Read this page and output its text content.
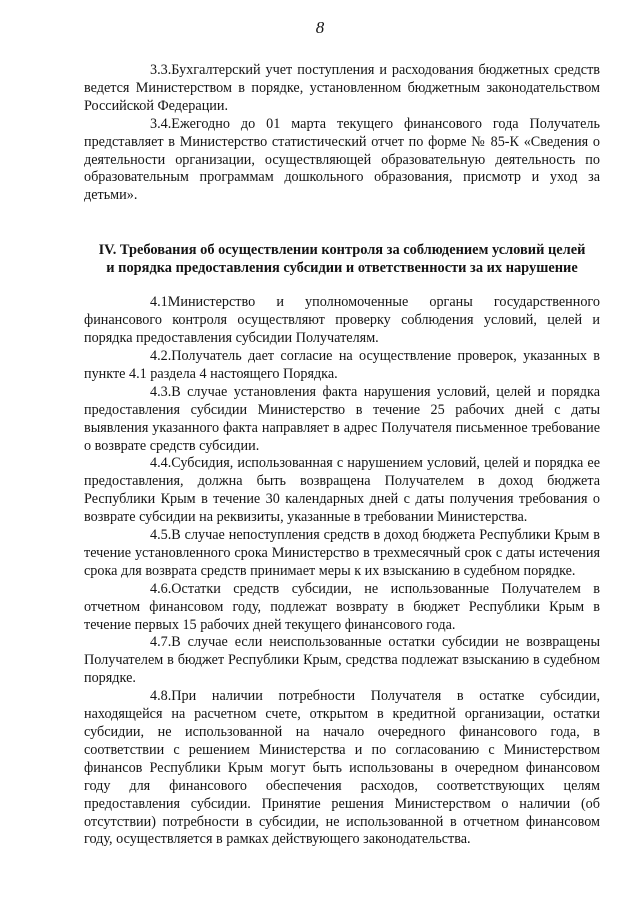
8

3.3.Бухгалтерский учет поступления и расходования бюджетных средств ведется Министерством в порядке, установленном бюджетным законодательством Российской Федерации.

3.4.Ежегодно до 01 марта текущего финансового года Получатель представляет в Министерство статистический отчет по форме № 85-К «Сведения о деятельности организации, осуществляющей образовательную деятельность по образовательным программам дошкольного образования, присмотр и уход за детьми».

IV. Требования об осуществлении контроля за соблюдением условий целей и порядка предоставления субсидии и ответственности за их нарушение

4.1Министерство и уполномоченные органы государственного финансового контроля осуществляют проверку соблюдения условий, целей и порядка предоставления субсидии Получателям.

4.2.Получатель дает согласие на осуществление проверок, указанных в пункте 4.1 раздела 4 настоящего Порядка.

4.3.В случае установления факта нарушения условий, целей и порядка предоставления субсидии Министерство в течение 25 рабочих дней с даты выявления указанного факта направляет в адрес Получателя письменное требование о возврате средств субсидии.

4.4.Субсидия, использованная с нарушением условий, целей и порядка ее предоставления, должна быть возвращена Получателем в доход бюджета Республики Крым в течение 30 календарных дней с даты получения требования о возврате субсидии на реквизиты, указанные в требовании Министерства.

4.5.В случае непоступления средств в доход бюджета Республики Крым в течение установленного срока Министерство в трехмесячный срок с даты истечения срока для возврата средств принимает меры к их взысканию в судебном порядке.

4.6.Остатки средств субсидии, не использованные Получателем в отчетном финансовом году, подлежат возврату в бюджет Республики Крым в течение первых 15 рабочих дней текущего финансового года.

4.7.В случае если неиспользованные остатки субсидии не возвращены Получателем в бюджет Республики Крым, средства подлежат взысканию в судебном порядке.

4.8.При наличии потребности Получателя в остатке субсидии, находящейся на расчетном счете, открытом в кредитной организации, остатки субсидии, не использованной на начало очередного финансового года, в соответствии с решением Министерства и по согласованию с Министерством финансов Республики Крым могут быть использованы в очередном финансовом году для финансового обеспечения расходов, соответствующих целям предоставления субсидии. Принятие решения Министерством о наличии (об отсутствии) потребности в субсидии, не использованной в отчетном финансовом году, осуществляется в рамках действующего законодательства.
